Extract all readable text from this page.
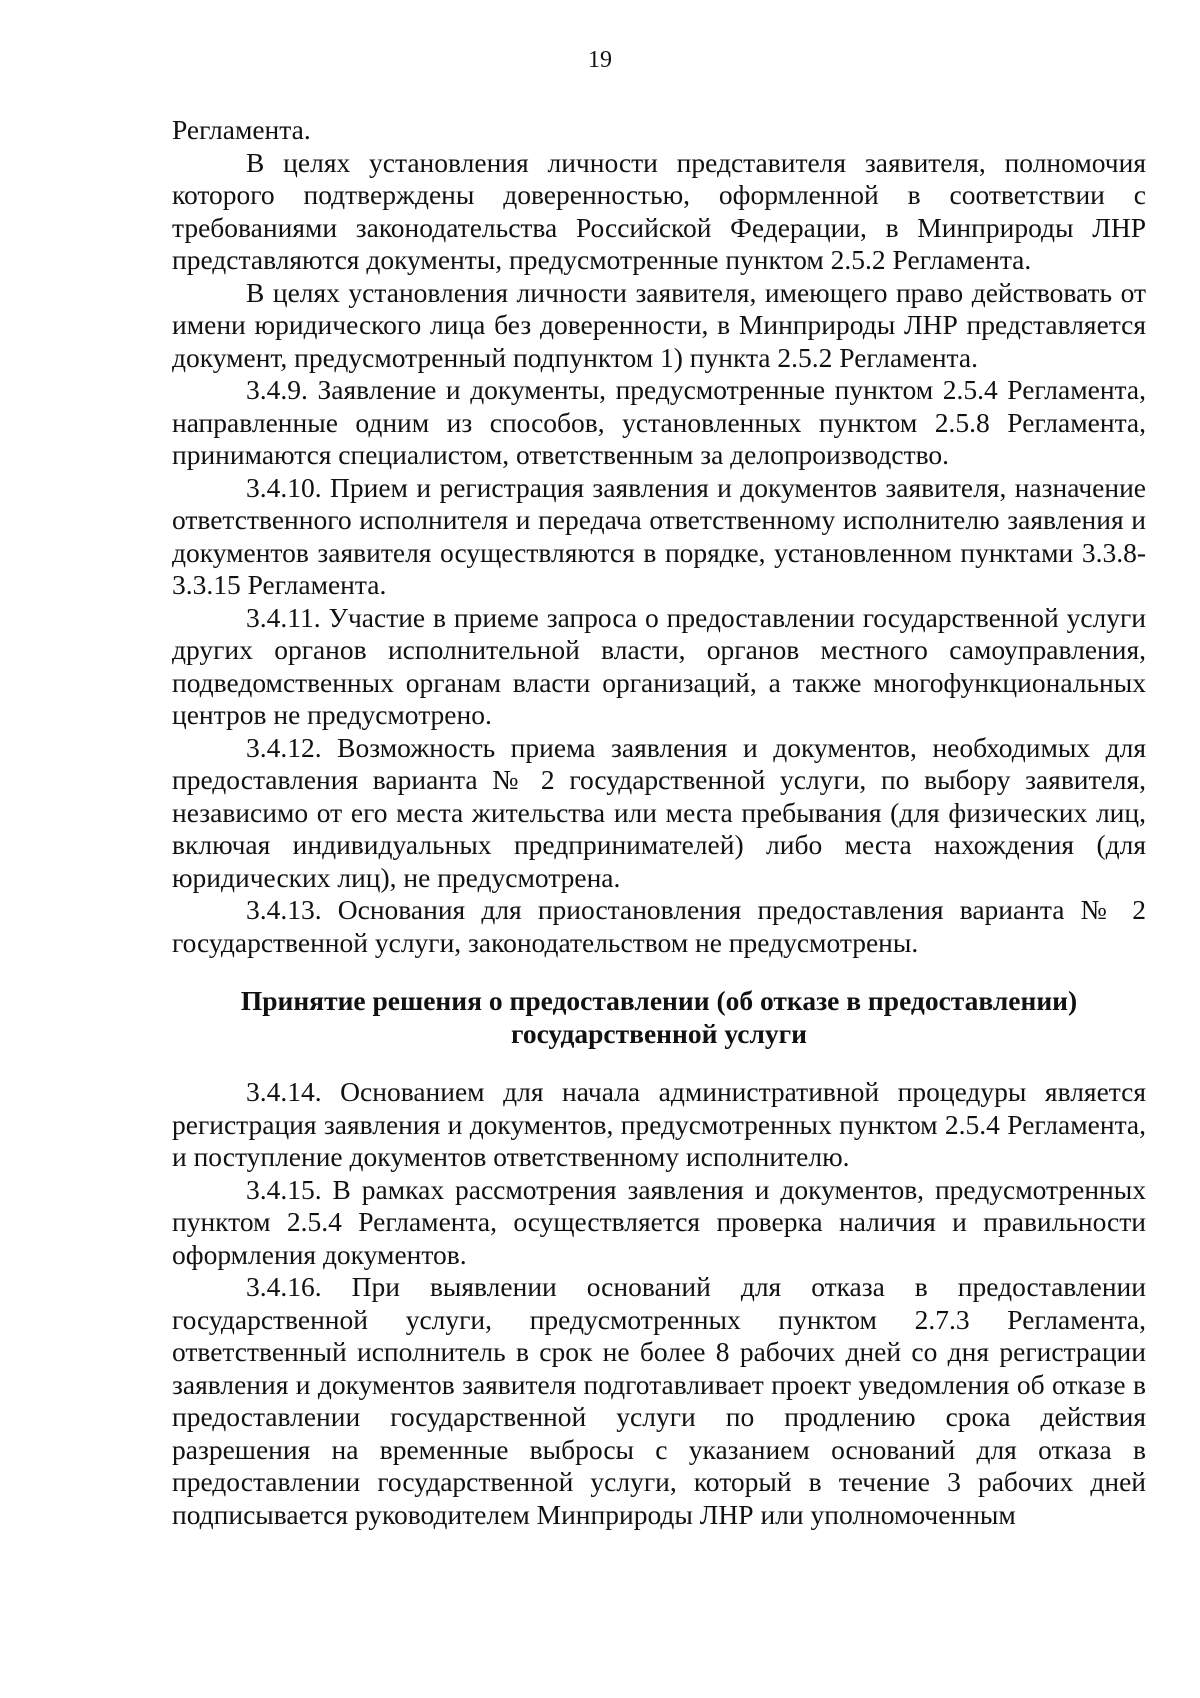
19

Регламента.

В целях установления личности представителя заявителя, полномочия которого подтверждены доверенностью, оформленной в соответствии с требованиями законодательства Российской Федерации, в Минприроды ЛНР представляются документы, предусмотренные пунктом 2.5.2 Регламента.

В целях установления личности заявителя, имеющего право действовать от имени юридического лица без доверенности, в Минприроды ЛНР представляется документ, предусмотренный подпунктом 1) пункта 2.5.2 Регламента.

3.4.9. Заявление и документы, предусмотренные пунктом 2.5.4 Регламента, направленные одним из способов, установленных пунктом 2.5.8 Регламента, принимаются специалистом, ответственным за делопроизводство.

3.4.10. Прием и регистрация заявления и документов заявителя, назначение ответственного исполнителя и передача ответственному исполнителю заявления и документов заявителя осуществляются в порядке, установленном пунктами 3.3.8-3.3.15 Регламента.

3.4.11. Участие в приеме запроса о предоставлении государственной услуги других органов исполнительной власти, органов местного самоуправления, подведомственных органам власти организаций, а также многофункциональных центров не предусмотрено.

3.4.12. Возможность приема заявления и документов, необходимых для предоставления варианта № 2 государственной услуги, по выбору заявителя, независимо от его места жительства или места пребывания (для физических лиц, включая индивидуальных предпринимателей) либо места нахождения (для юридических лиц), не предусмотрена.

3.4.13. Основания для приостановления предоставления варианта № 2 государственной услуги, законодательством не предусмотрены.

Принятие решения о предоставлении (об отказе в предоставлении)
государственной услуги

3.4.14. Основанием для начала административной процедуры является регистрация заявления и документов, предусмотренных пунктом 2.5.4 Регламента, и поступление документов ответственному исполнителю.

3.4.15. В рамках рассмотрения заявления и документов, предусмотренных пунктом 2.5.4 Регламента, осуществляется проверка наличия и правильности оформления документов.

3.4.16. При выявлении оснований для отказа в предоставлении государственной услуги, предусмотренных пунктом 2.7.3 Регламента, ответственный исполнитель в срок не более 8 рабочих дней со дня регистрации заявления и документов заявителя подготавливает проект уведомления об отказе в предоставлении государственной услуги по продлению срока действия разрешения на временные выбросы с указанием оснований для отказа в предоставлении государственной услуги, который в течение 3 рабочих дней подписывается руководителем Минприроды ЛНР или уполномоченным
